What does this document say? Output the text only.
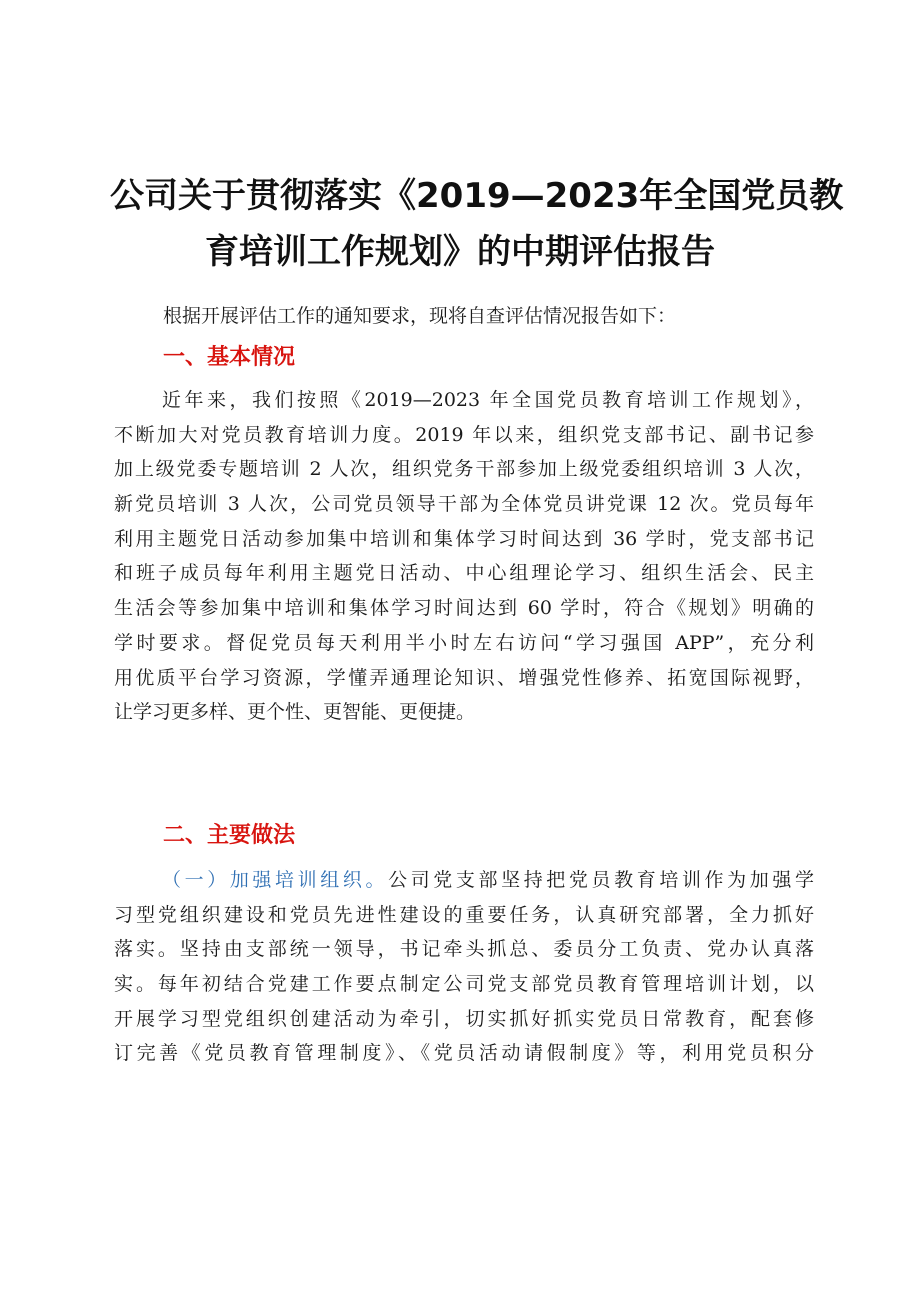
公司关于贯彻落实《2019—2023年全国党员教
育培训工作规划》的中期评估报告
根据开展评估工作的通知要求，现将自查评估情况报告如下：
一、基本情况
近年来，我们按照《2019—2023 年全国党员教育培训工作规划》，
不断加大对党员教育培训力度。2019 年以来，组织党支部书记、副书记参
加上级党委专题培训 2 人次，组织党务干部参加上级党委组织培训 3 人次，
新党员培训 3 人次，公司党员领导干部为全体党员讲党课 12 次。党员每年
利用主题党日活动参加集中培训和集体学习时间达到 36 学时，党支部书记
和班子成员每年利用主题党日活动、中心组理论学习、组织生活会、民主
生活会等参加集中培训和集体学习时间达到 60 学时，符合《规划》明确的
学时要求。督促党员每天利用半小时左右访问“学习强国 APP”，充分利
用优质平台学习资源，学懂弄通理论知识、增强党性修养、拓宽国际视野，
让学习更多样、更个性、更智能、更便捷。
二、主要做法
（一）加强培训组织。公司党支部坚持把党员教育培训作为加强学
习型党组织建设和党员先进性建设的重要任务，认真研究部署，全力抓好
落实。坚持由支部统一领导，书记牵头抓总、委员分工负责、党办认真落
实。每年初结合党建工作要点制定公司党支部党员教育管理培训计划，以
开展学习型党组织创建活动为牵引，切实抓好抓实党员日常教育，配套修
订完善《党员教育管理制度》、《党员活动请假制度》等，利用党员积分
